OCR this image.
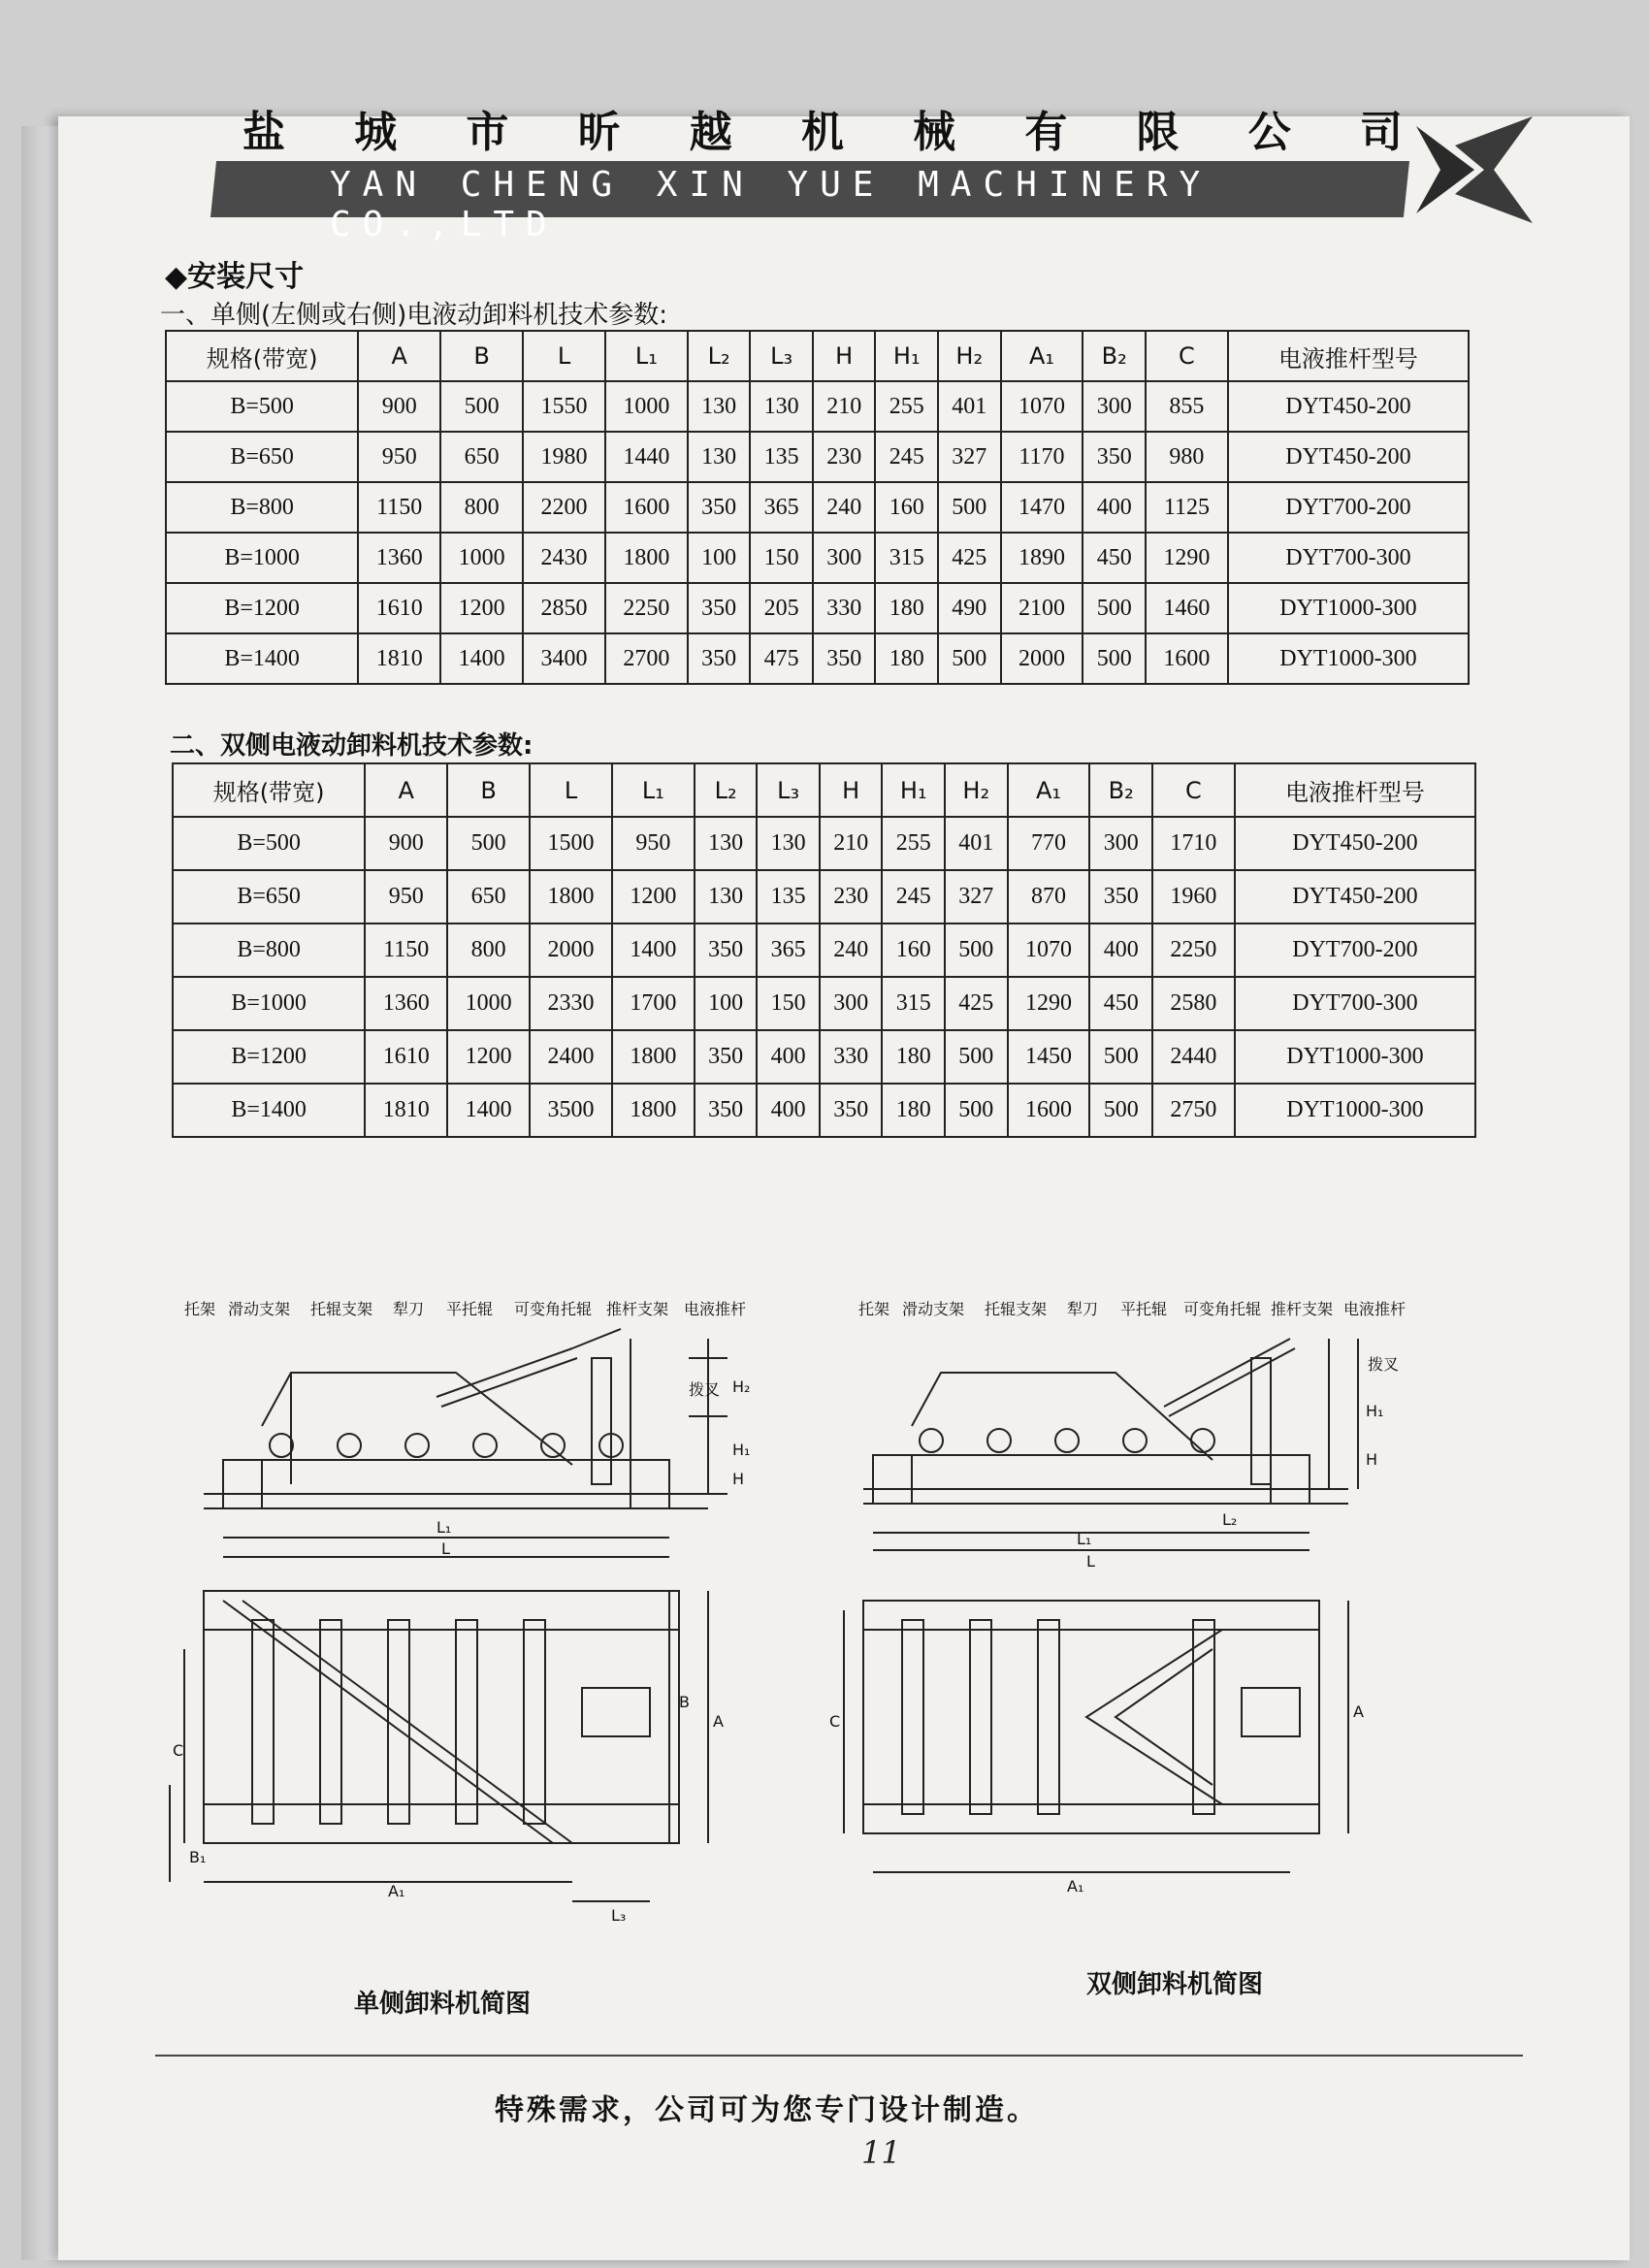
盐 城 市 昕 越 机 械 有 限 公 司
YAN CHENG XIN YUE MACHINERY CO.,LTD
◆安装尺寸
一、单侧(左侧或右侧)电液动卸料机技术参数:
规格(带宽)	A	B	L	L₁	L₂	L₃	H	H₁	H₂	A₁	B₂	C	电液推杆型号
B=500	900	500	1550	1000	130	130	210	255	401	1070	300	855	DYT450-200
B=650	950	650	1980	1440	130	135	230	245	327	1170	350	980	DYT450-200
B=800	1150	800	2200	1600	350	365	240	160	500	1470	400	1125	DYT700-200
B=1000	1360	1000	2430	1800	100	150	300	315	425	1890	450	1290	DYT700-300
B=1200	1610	1200	2850	2250	350	205	330	180	490	2100	500	1460	DYT1000-300
B=1400	1810	1400	3400	2700	350	475	350	180	500	2000	500	1600	DYT1000-300
二、双侧电液动卸料机技术参数:
规格(带宽)	A	B	L	L₁	L₂	L₃	H	H₁	H₂	A₁	B₂	C	电液推杆型号
B=500	900	500	1500	950	130	130	210	255	401	770	300	1710	DYT450-200
B=650	950	650	1800	1200	130	135	230	245	327	870	350	1960	DYT450-200
B=800	1150	800	2000	1400	350	365	240	160	500	1070	400	2250	DYT700-200
B=1000	1360	1000	2330	1700	100	150	300	315	425	1290	450	2580	DYT700-300
B=1200	1610	1200	2400	1800	350	400	330	180	500	1450	500	2440	DYT1000-300
B=1400	1810	1400	3500	1800	350	400	350	180	500	1600	500	2750	DYT1000-300
托架 滑动支架 托辊支架 犁刀 平托辊 可变角托辊 推杆支架 电液推杆
拨叉
托架 滑动支架 托辊支架 犁刀 平托辊 可变角托辊 推杆支架 电液推杆
拨叉
L₁
L
H₂
H₁
H
A
B
C
B₁
A₁
L₃
L₁
L₂
L
H₁
H
A
C
A₁
单侧卸料机简图
双侧卸料机简图
特殊需求，公司可为您专门设计制造。
11
